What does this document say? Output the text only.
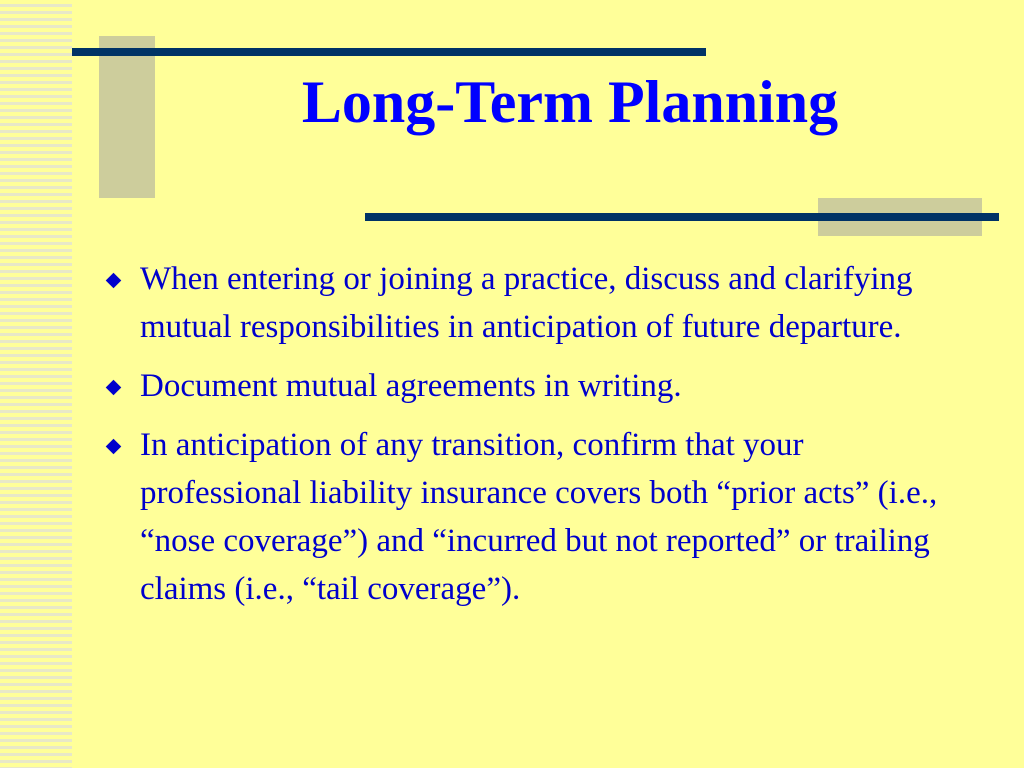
Long-Term Planning
When entering or joining a practice, discuss and clarifying mutual responsibilities in anticipation of future departure.
Document mutual agreements in writing.
In anticipation of any transition, confirm that your professional liability insurance covers both “prior acts” (i.e., “nose coverage”) and “incurred but not reported” or trailing claims (i.e., “tail coverage”).
